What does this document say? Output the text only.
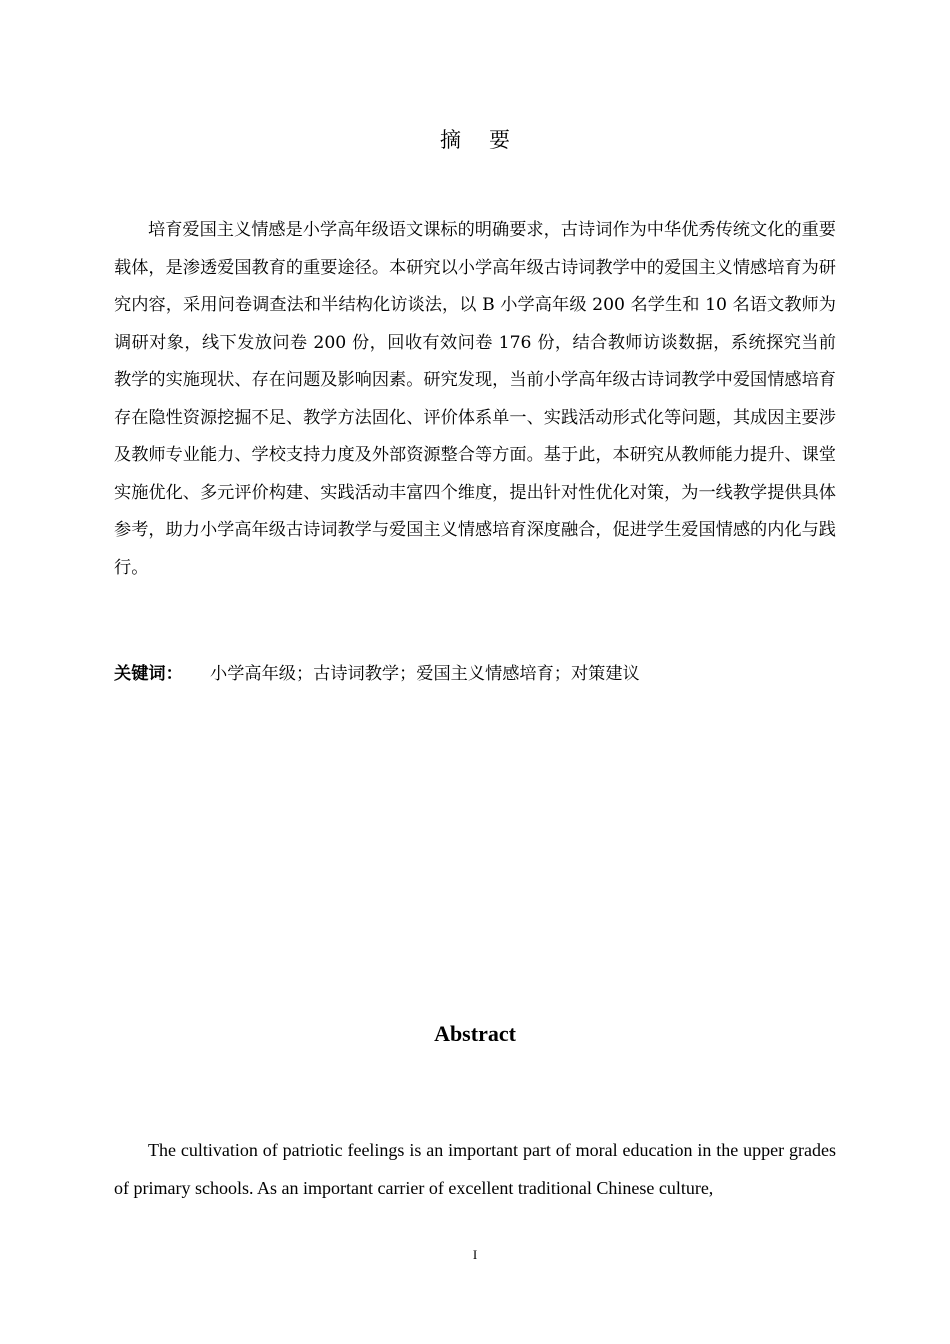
摘 要

培育爱国主义情感是小学高年级语文课标的明确要求，古诗词作为中华优秀传统文化的重要载体，是渗透爱国教育的重要途径。本研究以小学高年级古诗词教学中的爱国主义情感培育为研究内容，采用问卷调查法和半结构化访谈法，以 B 小学高年级 200 名学生和 10 名语文教师为调研对象，线下发放问卷 200 份，回收有效问卷 176 份，结合教师访谈数据，系统探究当前教学的实施现状、存在问题及影响因素。研究发现，当前小学高年级古诗词教学中爱国情感培育存在隐性资源挖掘不足、教学方法固化、评价体系单一、实践活动形式化等问题，其成因主要涉及教师专业能力、学校支持力度及外部资源整合等方面。基于此，本研究从教师能力提升、课堂实施优化、多元评价构建、实践活动丰富四个维度，提出针对性优化对策，为一线教学提供具体参考，助力小学高年级古诗词教学与爱国主义情感培育深度融合，促进学生爱国情感的内化与践行。

关键词： 小学高年级；古诗词教学；爱国主义情感培育；对策建议
Abstract

The cultivation of patriotic feelings is an important part of moral education in the upper grades of primary schools. As an important carrier of excellent traditional Chinese culture,

I
